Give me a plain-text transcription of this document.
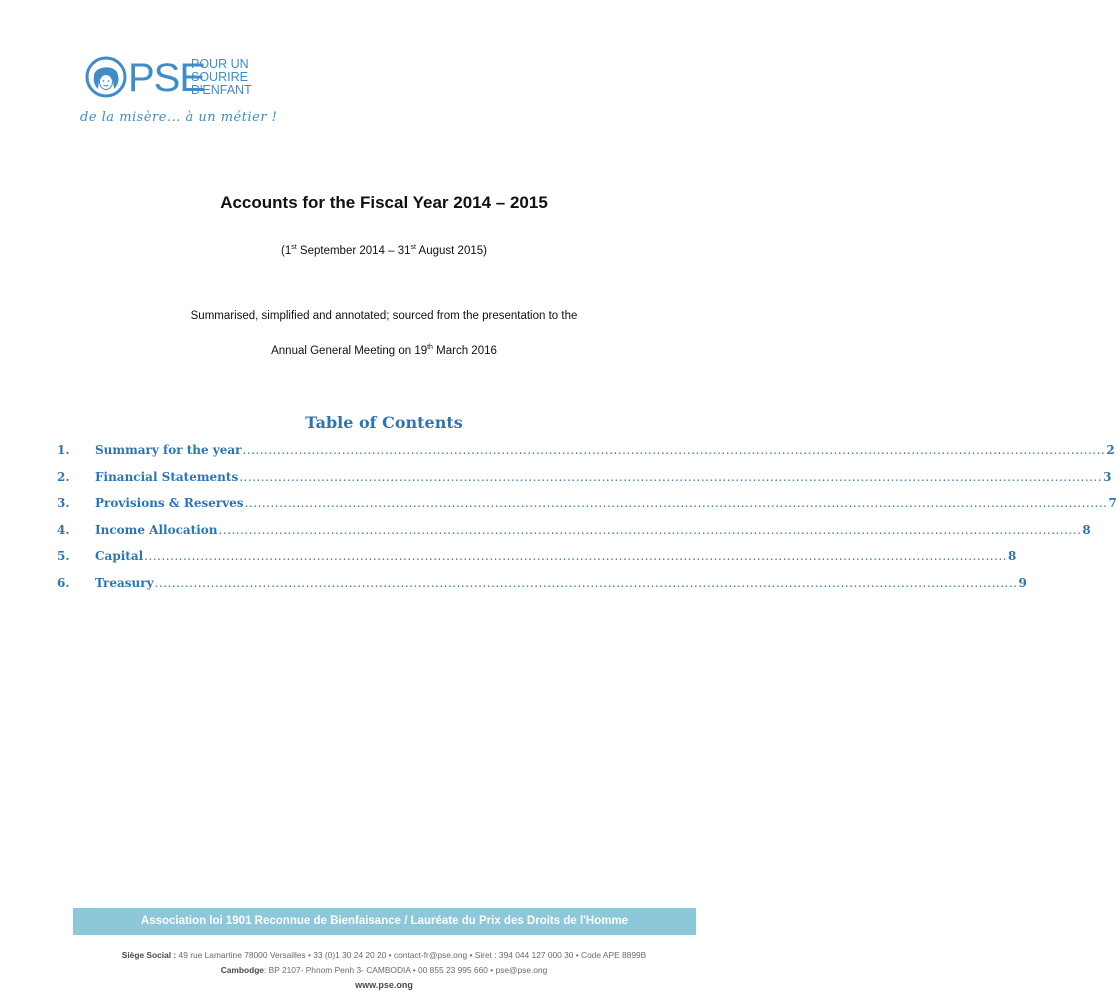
PSE
POUR UN
SOURIRE
D'ENFANT
de la misère... à un métier !
Accounts for the Fiscal Year 2014 – 2015
(1st September 2014 – 31st August 2015)
Summarised, simplified and annotated; sourced from the presentation to the
Annual General Meeting on 19th March 2016
Table of Contents
1.	Summary for the year ........................................................................................................................................................................................................ 2
2.	Financial Statements ........................................................................................................................................................................................................ 3
3.	Provisions & Reserves ........................................................................................................................................................................................................ 7
4.	Income Allocation ........................................................................................................................................................................................................ 8
5.	Capital ........................................................................................................................................................................................................ 8
6.	Treasury ........................................................................................................................................................................................................ 9
Association loi 1901 Reconnue de Bienfaisance / Lauréate du Prix des Droits de l'Homme
Siège Social : 49 rue Lamartine 78000 Versailles • 33 (0)1 30 24 20 20 • contact-fr@pse.ong • Siret : 394 044 127 000 30 • Code APE 8899B
Cambodge: BP 2107- Phnom Penh 3- CAMBODIA • 00 855 23 995 660 • pse@pse.ong
www.pse.ong
